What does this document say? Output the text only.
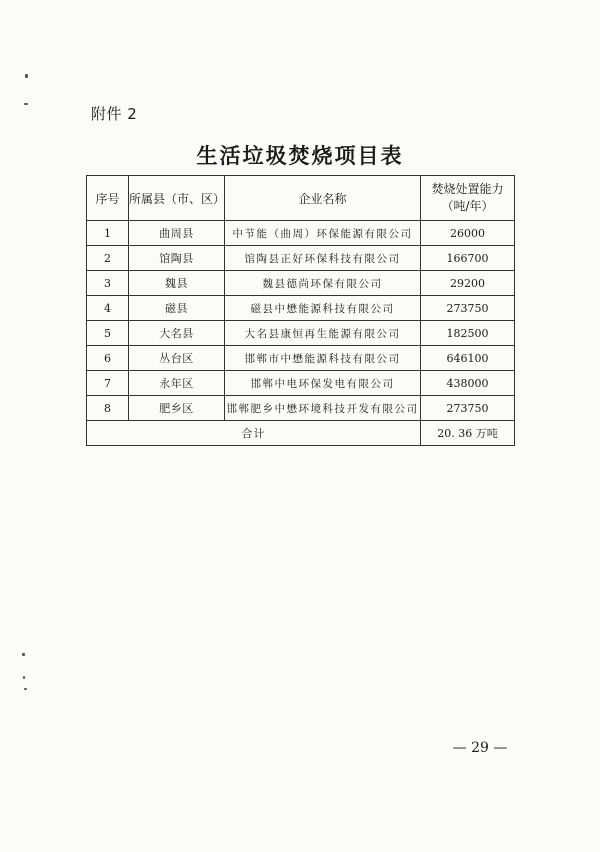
附件 2
生活垃圾焚烧项目表
序号	所属县（市、区）	企业名称	焚烧处置能力
（吨/年）

1	曲周县	中节能（曲周）环保能源有限公司	26000
2	馆陶县	馆陶县正好环保科技有限公司	166700
3	魏县	魏县德尚环保有限公司	29200
4	磁县	磁县中懋能源科技有限公司	273750
5	大名县	大名县康恒再生能源有限公司	182500
6	丛台区	邯郸市中懋能源科技有限公司	646100
7	永年区	邯郸中电环保发电有限公司	438000
8	肥乡区	邯郸肥乡中懋环境科技开发有限公司	273750
合计			20. 36 万吨
— 29 —
